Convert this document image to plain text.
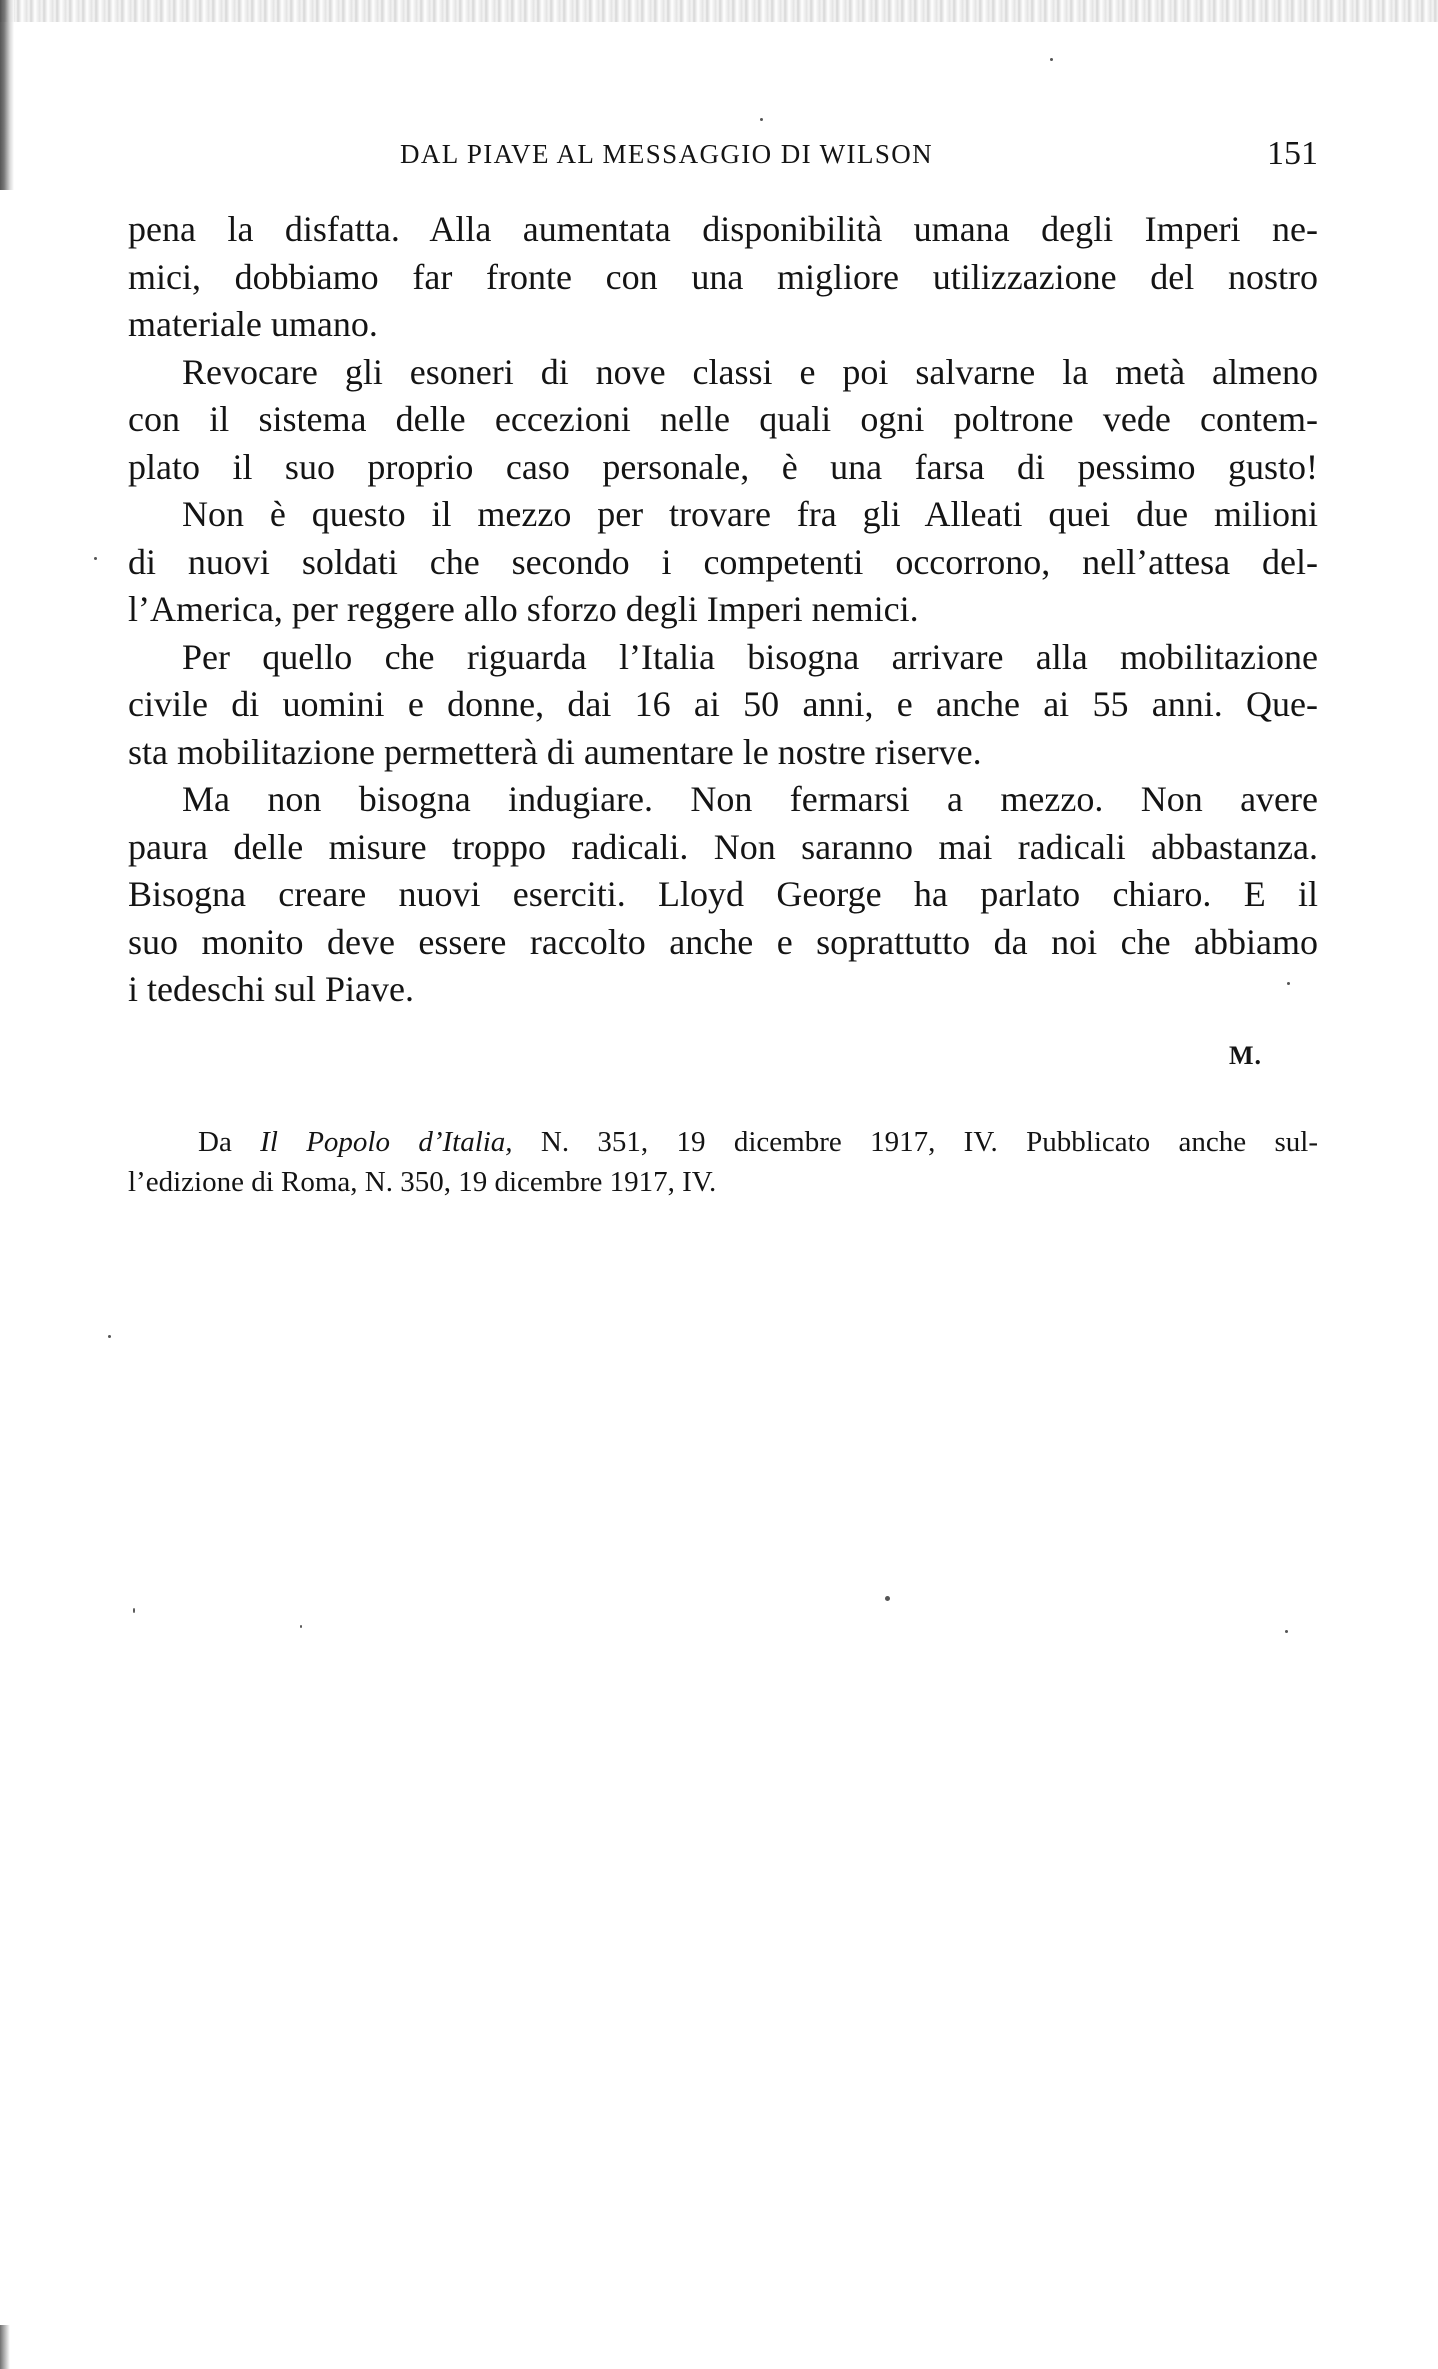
DAL PIAVE AL MESSAGGIO DI WILSON	151
pena la disfatta. Alla aumentata disponibilità umana degli Imperi ne-
mici, dobbiamo far fronte con una migliore utilizzazione del nostro
materiale umano.
Revocare gli esoneri di nove classi e poi salvarne la metà almeno
con il sistema delle eccezioni nelle quali ogni poltrone vede contem-
plato il suo proprio caso personale, è una farsa di pessimo gusto!
Non è questo il mezzo per trovare fra gli Alleati quei due milioni
di nuovi soldati che secondo i competenti occorrono, nell’attesa del-
l’America, per reggere allo sforzo degli Imperi nemici.
Per quello che riguarda l’Italia bisogna arrivare alla mobilitazione
civile di uomini e donne, dai 16 ai 50 anni, e anche ai 55 anni. Que-
sta mobilitazione permetterà di aumentare le nostre riserve.
Ma non bisogna indugiare. Non fermarsi a mezzo. Non avere
paura delle misure troppo radicali. Non saranno mai radicali abbastanza.
Bisogna creare nuovi eserciti. Lloyd George ha parlato chiaro. E il
suo monito deve essere raccolto anche e soprattutto da noi che abbiamo
i tedeschi sul Piave.
M.
Da Il Popolo d’Italia, N. 351, 19 dicembre 1917, IV. Pubblicato anche sul-
l’edizione di Roma, N. 350, 19 dicembre 1917, IV.
